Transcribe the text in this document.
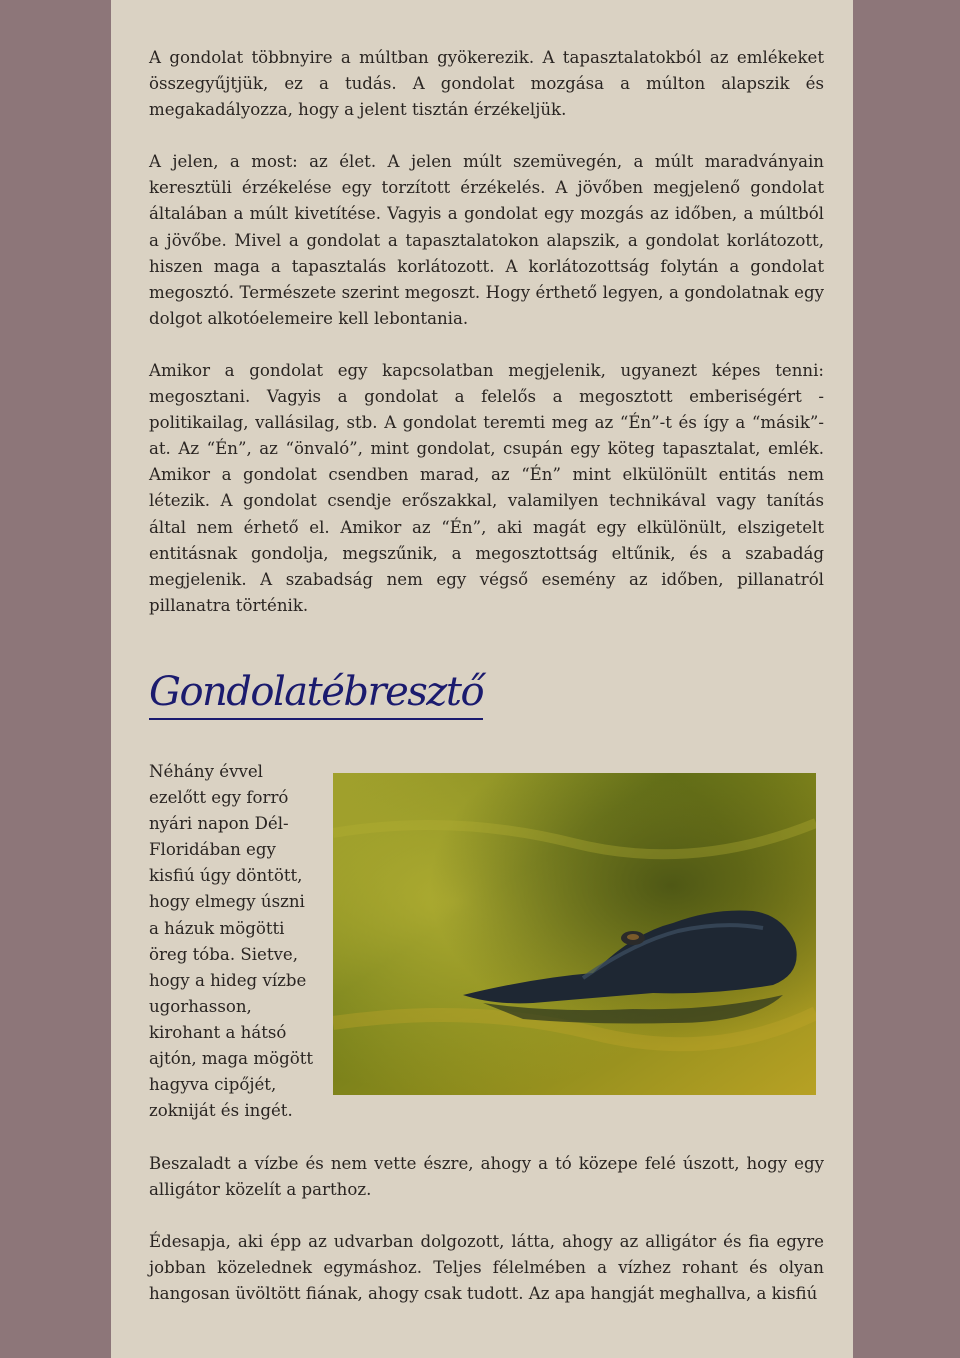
A gondolat többnyire a múltban gyökerezik. A tapasztalatokból az emlékeket összegyűjtjük, ez a tudás. A gondolat mozgása a múlton alapszik és megakadályozza, hogy a jelent tisztán érzékeljük.

A jelen, a most: az élet. A jelen múlt szemüvegén, a múlt maradványain keresztüli érzékelése egy torzított érzékelés. A jövőben megjelenő gondolat általában a múlt kivetítése. Vagyis a gondolat egy mozgás az időben, a múltból a jövőbe. Mivel a gondolat a tapasztalatokon alapszik, a gondolat korlátozott, hiszen maga a tapasztalás korlátozott. A korlátozottság folytán a gondolat megosztó. Természete szerint megoszt. Hogy érthető legyen, a gondolatnak egy dolgot alkotóelemeire kell lebontania.

Amikor a gondolat egy kapcsolatban megjelenik, ugyanezt képes tenni: megosztani. Vagyis a gondolat a felelős a megosztott emberiségért - politikailag, vallásilag, stb. A gondolat teremti meg az “Én”-t és így a “másik”-at. Az “Én”, az “önvaló”, mint gondolat, csupán egy köteg tapasztalat, emlék. Amikor a gondolat csendben marad, az “Én” mint elkülönült entitás nem létezik. A gondolat csendje erőszakkal, valamilyen technikával vagy tanítás által nem érhető el. Amikor az “Én”, aki magát egy elkülönült, elszigetelt entitásnak gondolja, megszűnik, a megosztottság eltűnik, és a szabadág megjelenik. A szabadság nem egy végső esemény az időben, pillanatról pillanatra történik.

Gondolatébresztő
Néhány évvel ezelőtt egy forró nyári napon Dél-Floridában egy kisfiú úgy döntött, hogy elmegy úszni a házuk mögötti öreg tóba. Sietve, hogy a hideg vízbe ugorhasson, kirohant a hátsó ajtón, maga mögött hagyva cipőjét, zokniját és ingét.

Beszaladt a vízbe és nem vette észre, ahogy a tó közepe felé úszott, hogy egy alligátor közelít a parthoz.

Édesapja, aki épp az udvarban dolgozott, látta, ahogy az alligátor és fia egyre jobban közelednek egymáshoz. Teljes félelmében a vízhez rohant és olyan hangosan üvöltött fiának, ahogy csak tudott. Az apa hangját meghallva, a kisfiú
